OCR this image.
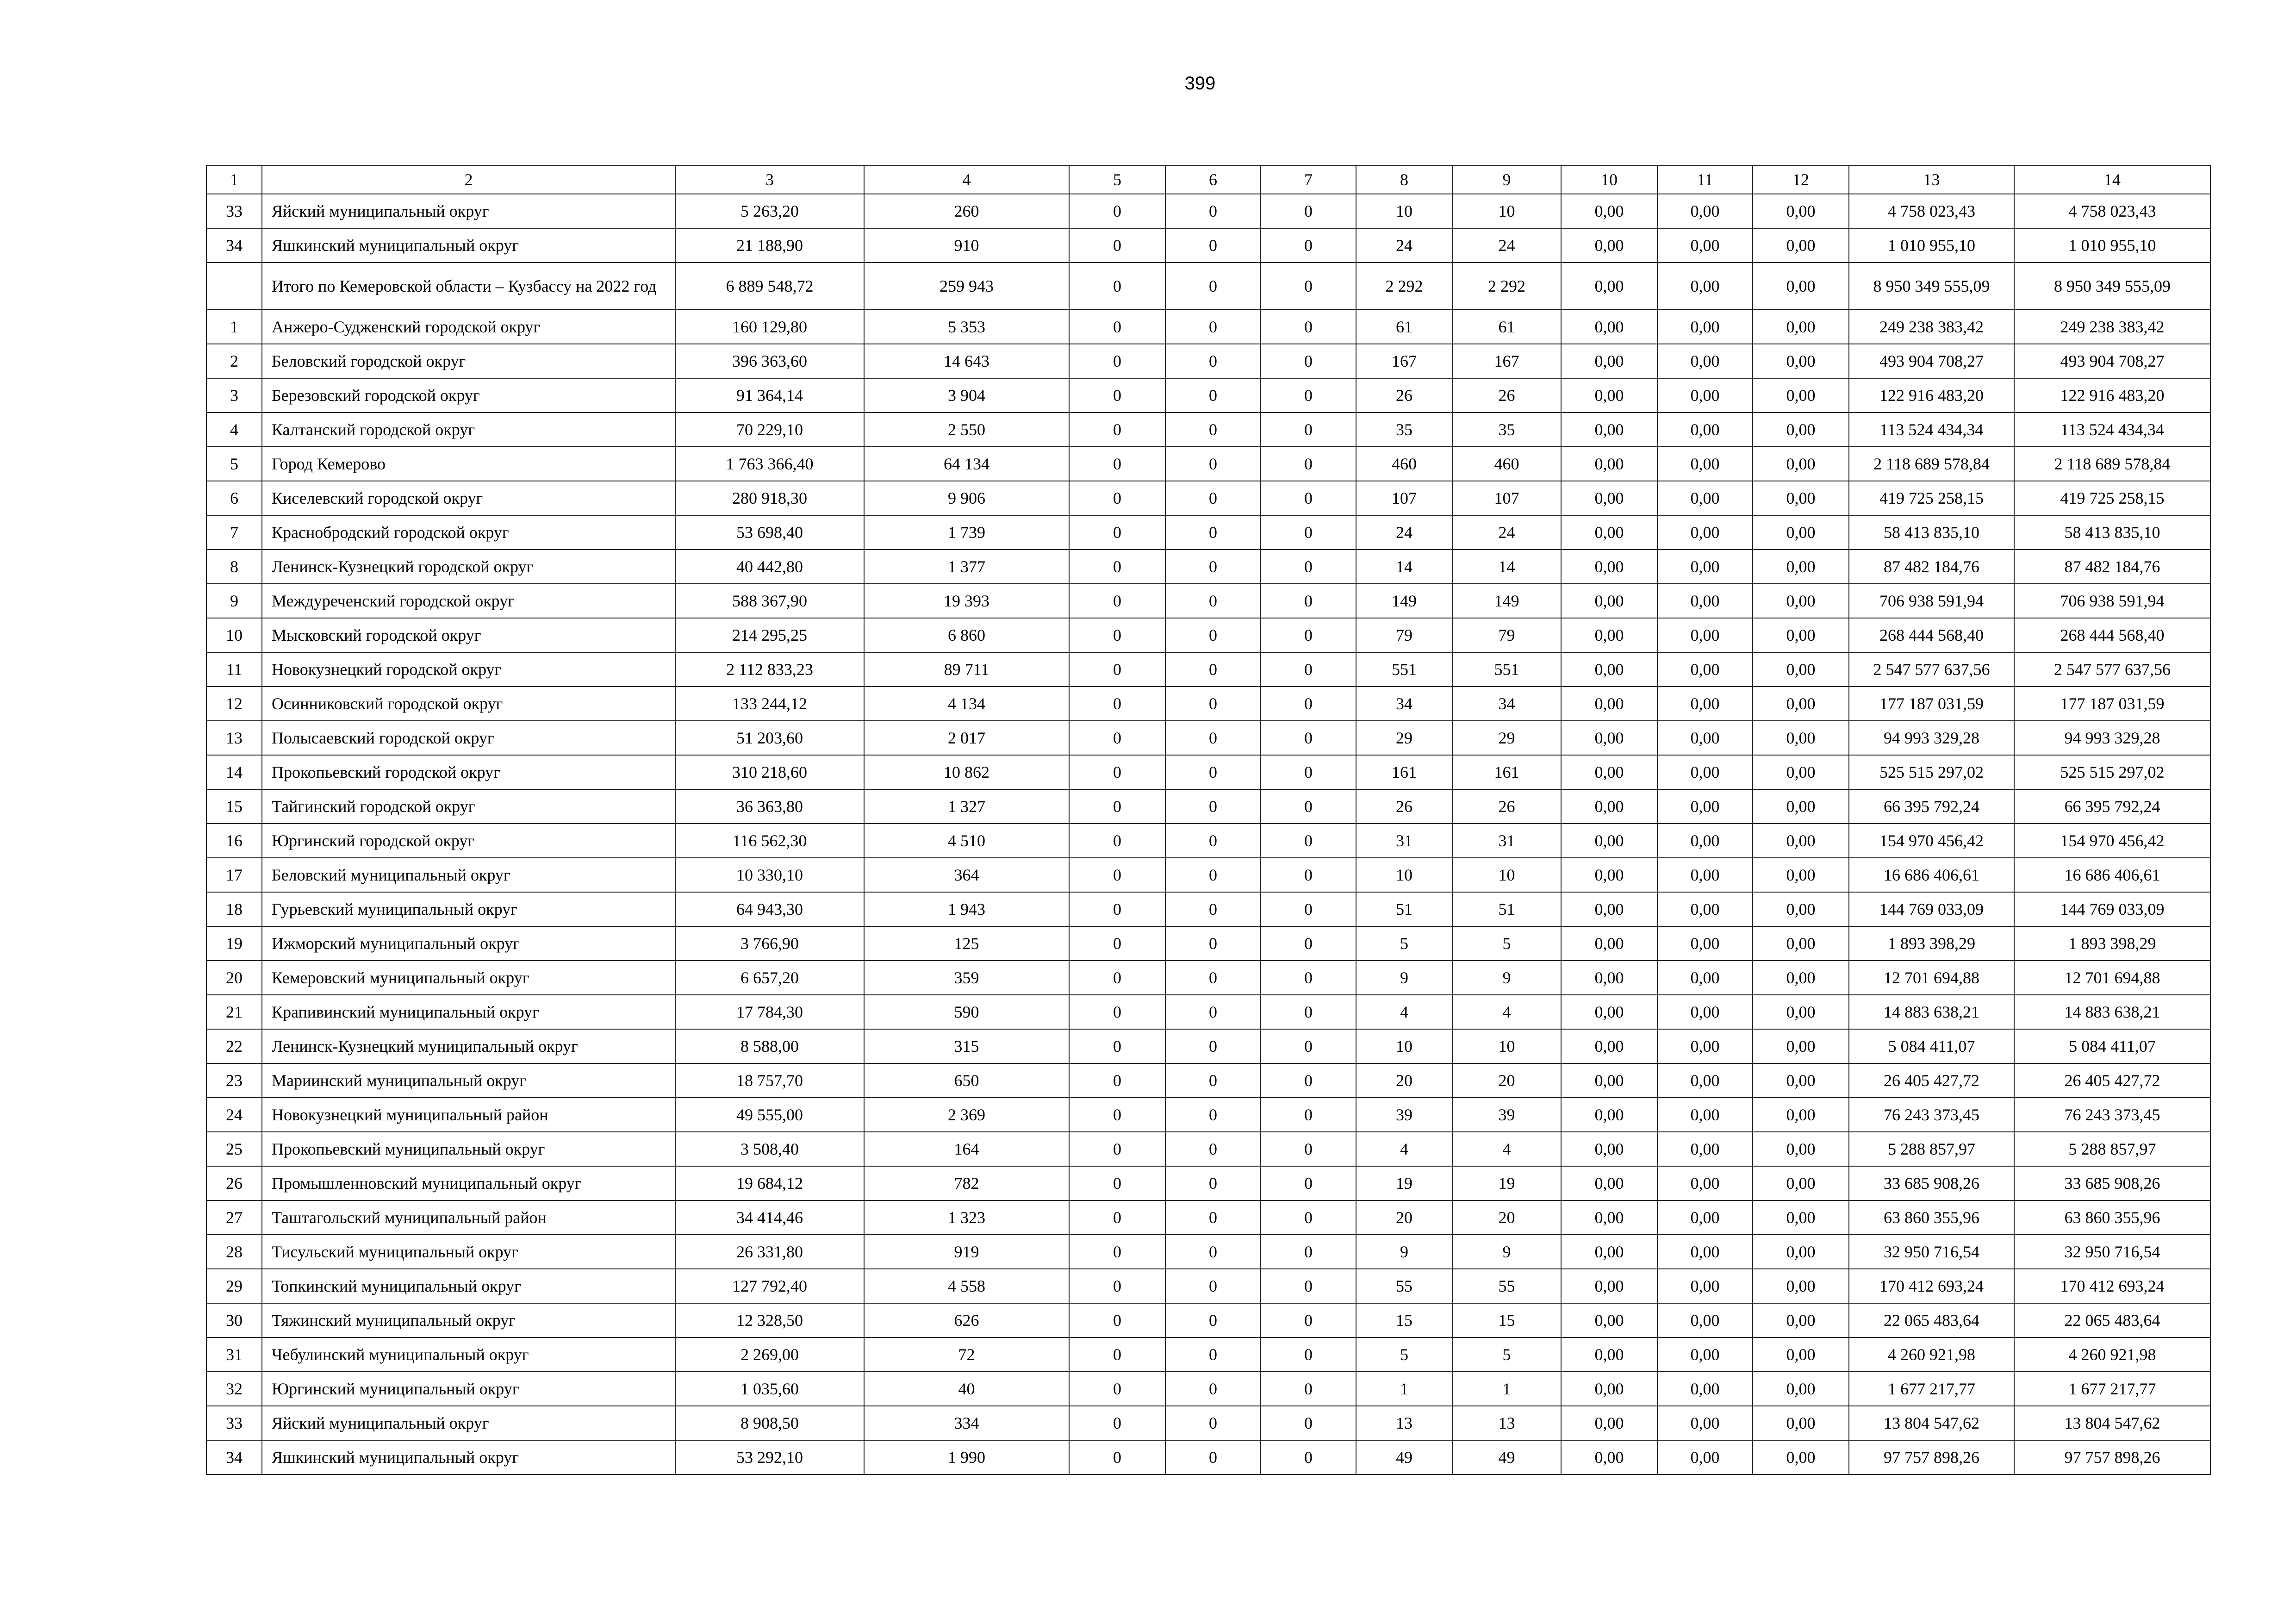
399
1	2	3	4	5	6	7	8	9	10	11	12	13	14
33	Яйский муниципальный округ	5 263,20	260	0	0	0	10	10	0,00	0,00	0,00	4 758 023,43	4 758 023,43
34	Яшкинский муниципальный округ	21 188,90	910	0	0	0	24	24	0,00	0,00	0,00	1 010 955,10	1 010 955,10
	Итого по Кемеровской области – Кузбассу на 2022 год	6 889 548,72	259 943	0	0	0	2 292	2 292	0,00	0,00	0,00	8 950 349 555,09	8 950 349 555,09
1	Анжеро-Судженский городской округ	160 129,80	5 353	0	0	0	61	61	0,00	0,00	0,00	249 238 383,42	249 238 383,42
2	Беловский городской округ	396 363,60	14 643	0	0	0	167	167	0,00	0,00	0,00	493 904 708,27	493 904 708,27
3	Березовский городской округ	91 364,14	3 904	0	0	0	26	26	0,00	0,00	0,00	122 916 483,20	122 916 483,20
4	Калтанский городской округ	70 229,10	2 550	0	0	0	35	35	0,00	0,00	0,00	113 524 434,34	113 524 434,34
5	Город Кемерово	1 763 366,40	64 134	0	0	0	460	460	0,00	0,00	0,00	2 118 689 578,84	2 118 689 578,84
6	Киселевский городской округ	280 918,30	9 906	0	0	0	107	107	0,00	0,00	0,00	419 725 258,15	419 725 258,15
7	Краснобродский городской округ	53 698,40	1 739	0	0	0	24	24	0,00	0,00	0,00	58 413 835,10	58 413 835,10
8	Ленинск-Кузнецкий городской округ	40 442,80	1 377	0	0	0	14	14	0,00	0,00	0,00	87 482 184,76	87 482 184,76
9	Междуреченский городской округ	588 367,90	19 393	0	0	0	149	149	0,00	0,00	0,00	706 938 591,94	706 938 591,94
10	Мысковский городской округ	214 295,25	6 860	0	0	0	79	79	0,00	0,00	0,00	268 444 568,40	268 444 568,40
11	Новокузнецкий городской округ	2 112 833,23	89 711	0	0	0	551	551	0,00	0,00	0,00	2 547 577 637,56	2 547 577 637,56
12	Осинниковский городской округ	133 244,12	4 134	0	0	0	34	34	0,00	0,00	0,00	177 187 031,59	177 187 031,59
13	Полысаевский городской округ	51 203,60	2 017	0	0	0	29	29	0,00	0,00	0,00	94 993 329,28	94 993 329,28
14	Прокопьевский городской округ	310 218,60	10 862	0	0	0	161	161	0,00	0,00	0,00	525 515 297,02	525 515 297,02
15	Тайгинский городской округ	36 363,80	1 327	0	0	0	26	26	0,00	0,00	0,00	66 395 792,24	66 395 792,24
16	Юргинский городской округ	116 562,30	4 510	0	0	0	31	31	0,00	0,00	0,00	154 970 456,42	154 970 456,42
17	Беловский муниципальный округ	10 330,10	364	0	0	0	10	10	0,00	0,00	0,00	16 686 406,61	16 686 406,61
18	Гурьевский муниципальный округ	64 943,30	1 943	0	0	0	51	51	0,00	0,00	0,00	144 769 033,09	144 769 033,09
19	Ижморский муниципальный округ	3 766,90	125	0	0	0	5	5	0,00	0,00	0,00	1 893 398,29	1 893 398,29
20	Кемеровский муниципальный округ	6 657,20	359	0	0	0	9	9	0,00	0,00	0,00	12 701 694,88	12 701 694,88
21	Крапивинский муниципальный округ	17 784,30	590	0	0	0	4	4	0,00	0,00	0,00	14 883 638,21	14 883 638,21
22	Ленинск-Кузнецкий муниципальный округ	8 588,00	315	0	0	0	10	10	0,00	0,00	0,00	5 084 411,07	5 084 411,07
23	Мариинский муниципальный округ	18 757,70	650	0	0	0	20	20	0,00	0,00	0,00	26 405 427,72	26 405 427,72
24	Новокузнецкий муниципальный район	49 555,00	2 369	0	0	0	39	39	0,00	0,00	0,00	76 243 373,45	76 243 373,45
25	Прокопьевский муниципальный округ	3 508,40	164	0	0	0	4	4	0,00	0,00	0,00	5 288 857,97	5 288 857,97
26	Промышленновский муниципальный округ	19 684,12	782	0	0	0	19	19	0,00	0,00	0,00	33 685 908,26	33 685 908,26
27	Таштагольский муниципальный район	34 414,46	1 323	0	0	0	20	20	0,00	0,00	0,00	63 860 355,96	63 860 355,96
28	Тисульский муниципальный округ	26 331,80	919	0	0	0	9	9	0,00	0,00	0,00	32 950 716,54	32 950 716,54
29	Топкинский муниципальный округ	127 792,40	4 558	0	0	0	55	55	0,00	0,00	0,00	170 412 693,24	170 412 693,24
30	Тяжинский муниципальный округ	12 328,50	626	0	0	0	15	15	0,00	0,00	0,00	22 065 483,64	22 065 483,64
31	Чебулинский муниципальный округ	2 269,00	72	0	0	0	5	5	0,00	0,00	0,00	4 260 921,98	4 260 921,98
32	Юргинский муниципальный округ	1 035,60	40	0	0	0	1	1	0,00	0,00	0,00	1 677 217,77	1 677 217,77
33	Яйский муниципальный округ	8 908,50	334	0	0	0	13	13	0,00	0,00	0,00	13 804 547,62	13 804 547,62
34	Яшкинский муниципальный округ	53 292,10	1 990	0	0	0	49	49	0,00	0,00	0,00	97 757 898,26	97 757 898,26
